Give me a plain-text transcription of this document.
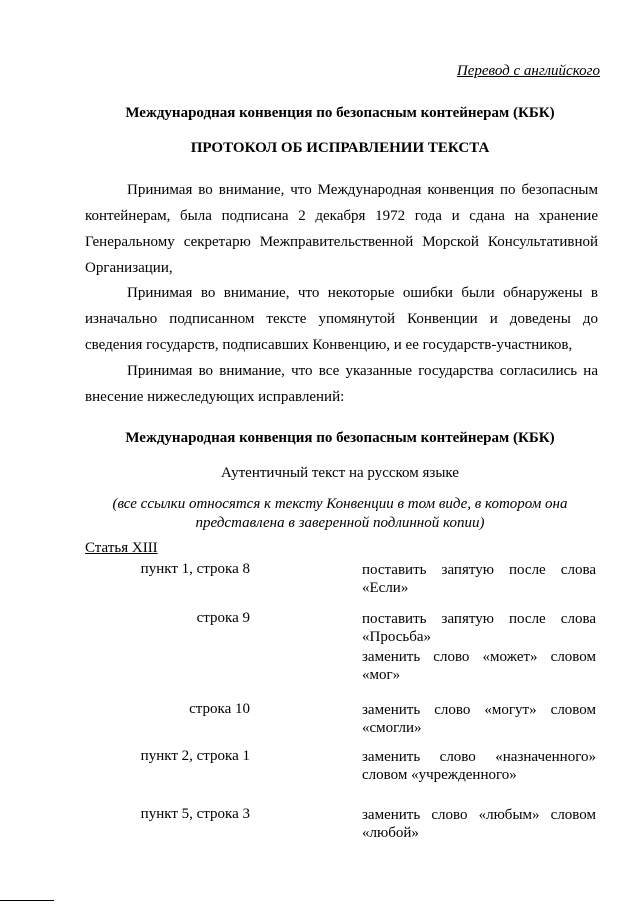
Перевод с английского
Международная конвенция по безопасным контейнерам (КБК)
ПРОТОКОЛ ОБ ИСПРАВЛЕНИИ ТЕКСТА
Принимая во внимание, что Международная конвенция по безопасным контейнерам, была подписана 2 декабря 1972 года и сдана на хранение Генеральному секретарю Межправительственной Морской Консультативной Организации,
Принимая во внимание, что некоторые ошибки были обнаружены в изначально подписанном тексте упомянутой Конвенции и доведены до сведения государств, подписавших Конвенцию, и ее государств-участников,
Принимая во внимание, что все указанные государства согласились на внесение нижеследующих исправлений:
Международная конвенция по безопасным контейнерам (КБК)
Аутентичный текст на русском языке
(все ссылки относятся к тексту Конвенции в том виде, в котором она
представлена в заверенной подлинной копии)
Статья XIII
пункт 1, строка 8	поставить запятую после слова «Если»
строка 9	поставить запятую после слова «Просьба»
заменить слово «может» словом «мог»
строка 10	заменить слово «могут» словом «смогли»
пункт 2, строка 1	заменить слово «назначенного» словом «учрежденного»
пункт 5, строка 3	заменить слово «любым» словом «любой»
